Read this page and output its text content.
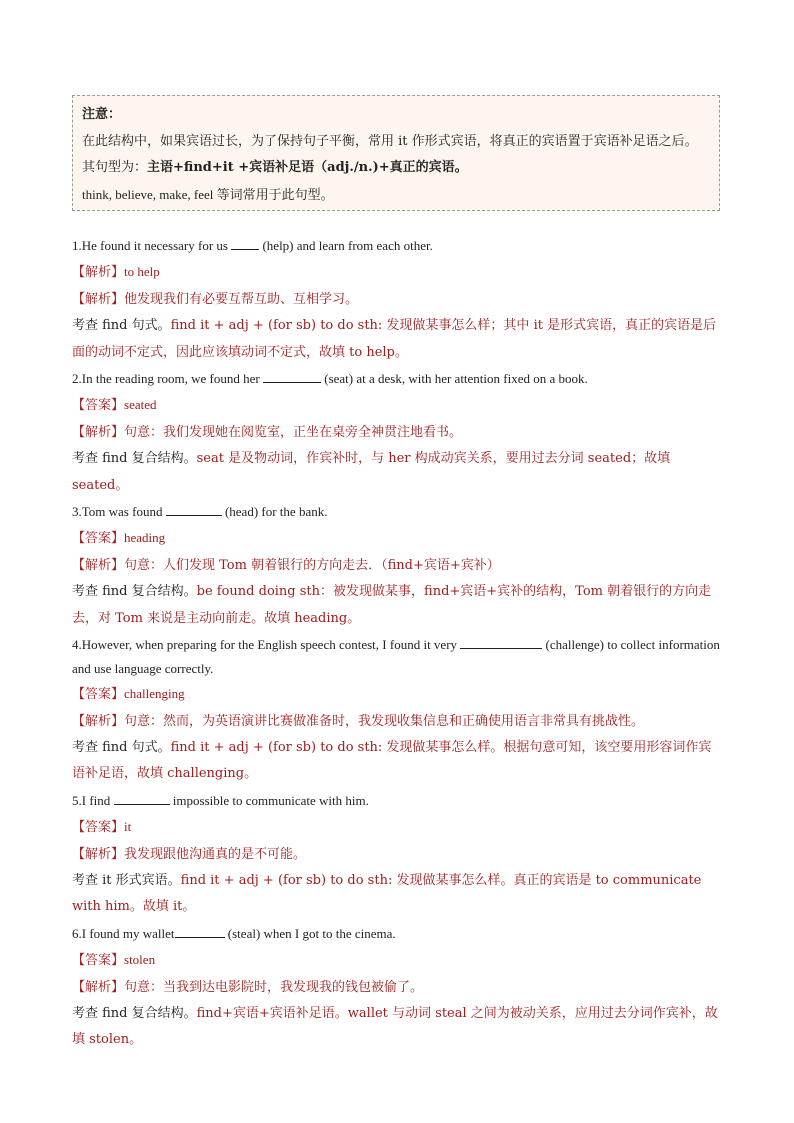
注意：

在此结构中，如果宾语过长，为了保持句子平衡，常用 it 作形式宾语，将真正的宾语置于宾语补足语之后。其句型为：主语+find+it +宾语补足语（adj./n.)+真正的宾语。

think, believe, make, feel 等词常用于此句型。

1.He found it necessary for us  (help) and learn from each other.

【解析】to help

【解析】他发现我们有必要互帮互助、互相学习。

考查 find 句式。find it + adj + (for sb) to do sth: 发现做某事怎么样；其中 it 是形式宾语，真正的宾语是后面的动词不定式，因此应该填动词不定式，故填 to help。

2.In the reading room, we found her	(seat) at a desk, with her attention fixed on a book.

【答案】seated

【解析】句意：我们发现她在阅览室，正坐在桌旁全神贯注地看书。

考查 find 复合结构。seat 是及物动词，作宾补时，与 her 构成动宾关系，要用过去分词 seated；故填 seated。

3.Tom was found	(head) for the bank.

【答案】heading

【解析】句意：人们发现 Tom 朝着银行的方向走去．（find+宾语+宾补）

考查 find 复合结构。be found doing sth：被发现做某事，find+宾语+宾补的结构，Tom 朝着银行的方向走去，对 Tom 来说是主动向前走。故填 heading。

4.However, when preparing for the English speech contest, I found it very	(challenge) to collect information and use language correctly.

【答案】challenging

【解析】句意：然而，为英语演讲比赛做准备时，我发现收集信息和正确使用语言非常具有挑战性。

考查 find 句式。find it + adj + (for sb) to do sth: 发现做某事怎么样。根据句意可知，该空要用形容词作宾语补足语，故填 challenging。

5.I find	impossible to communicate with him.

【答案】it

【解析】我发现跟他沟通真的是不可能。

考查 it 形式宾语。find it + adj + (for sb) to do sth: 发现做某事怎么样。真正的宾语是 to communicate with him。故填 it。

6.I found my wallet	(steal) when I got to the cinema.

【答案】stolen

【解析】句意：当我到达电影院时，我发现我的钱包被偷了。

考查 find 复合结构。find+宾语+宾语补足语。wallet 与动词 steal 之间为被动关系，应用过去分词作宾补，故填 stolen。
